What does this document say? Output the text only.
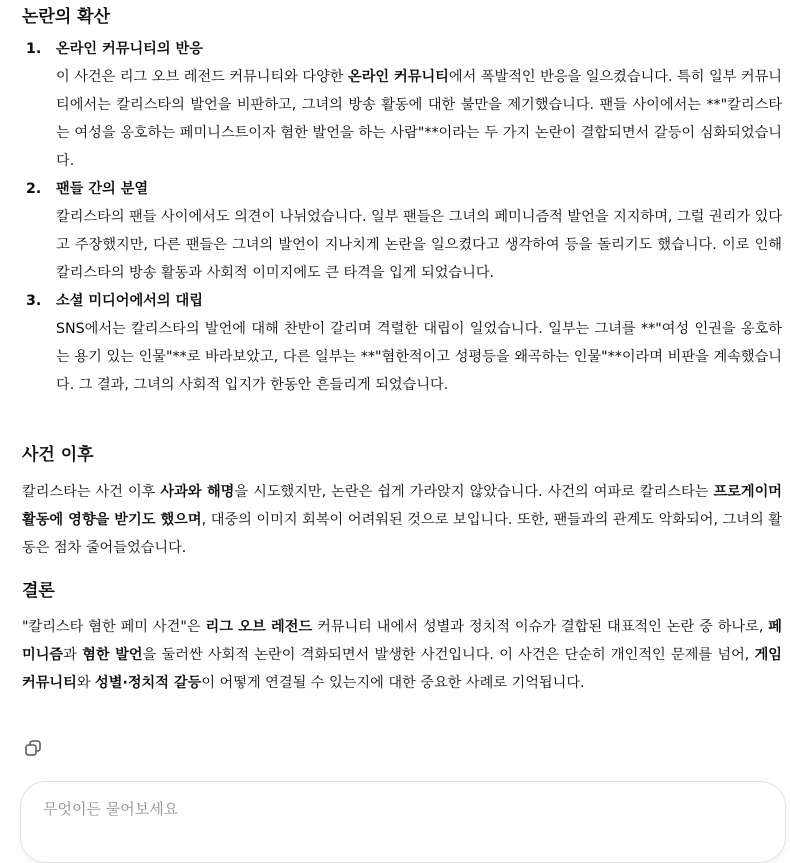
논란의 확산
1. 온라인 커뮤니티의 반응
이 사건은 리그 오브 레전드 커뮤니티와 다양한 온라인 커뮤니티에서 폭발적인 반응을 일으켰습니다. 특히 일부 커뮤니티에서는 칼리스타의 발언을 비판하고, 그녀의 방송 활동에 대한 불만을 제기했습니다. 팬들 사이에서는 **"칼리스타는 여성을 옹호하는 페미니스트이자 혐한 발언을 하는 사람"**이라는 두 가지 논란이 결합되면서 갈등이 심화되었습니다.
2. 팬들 간의 분열
칼리스타의 팬들 사이에서도 의견이 나뉘었습니다. 일부 팬들은 그녀의 페미니즘적 발언을 지지하며, 그럴 권리가 있다고 주장했지만, 다른 팬들은 그녀의 발언이 지나치게 논란을 일으켰다고 생각하여 등을 돌리기도 했습니다. 이로 인해 칼리스타의 방송 활동과 사회적 이미지에도 큰 타격을 입게 되었습니다.
3. 소셜 미디어에서의 대립
SNS에서는 칼리스타의 발언에 대해 찬반이 갈리며 격렬한 대립이 일었습니다. 일부는 그녀를 **"여성 인권을 옹호하는 용기 있는 인물"**로 바라보았고, 다른 일부는 **"혐한적이고 성평등을 왜곡하는 인물"**이라며 비판을 계속했습니다. 그 결과, 그녀의 사회적 입지가 한동안 흔들리게 되었습니다.
사건 이후

칼리스타는 사건 이후 사과와 해명을 시도했지만, 논란은 쉽게 가라앉지 않았습니다. 사건의 여파로 칼리스타는 프로게이머 활동에 영향을 받기도 했으며, 대중의 이미지 회복이 어려워된 것으로 보입니다. 또한, 팬들과의 관계도 악화되어, 그녀의 활동은 점차 줄어들었습니다.

결론

"칼리스타 혐한 페미 사건"은 리그 오브 레전드 커뮤니티 내에서 성별과 정치적 이슈가 결합된 대표적인 논란 중 하나로, 페미니즘과 혐한 발언을 둘러싼 사회적 논란이 격화되면서 발생한 사건입니다. 이 사건은 단순히 개인적인 문제를 넘어, 게임 커뮤니티와 성별·정치적 갈등이 어떻게 연결될 수 있는지에 대한 중요한 사례로 기억됩니다.

무엇이든 물어보세요
